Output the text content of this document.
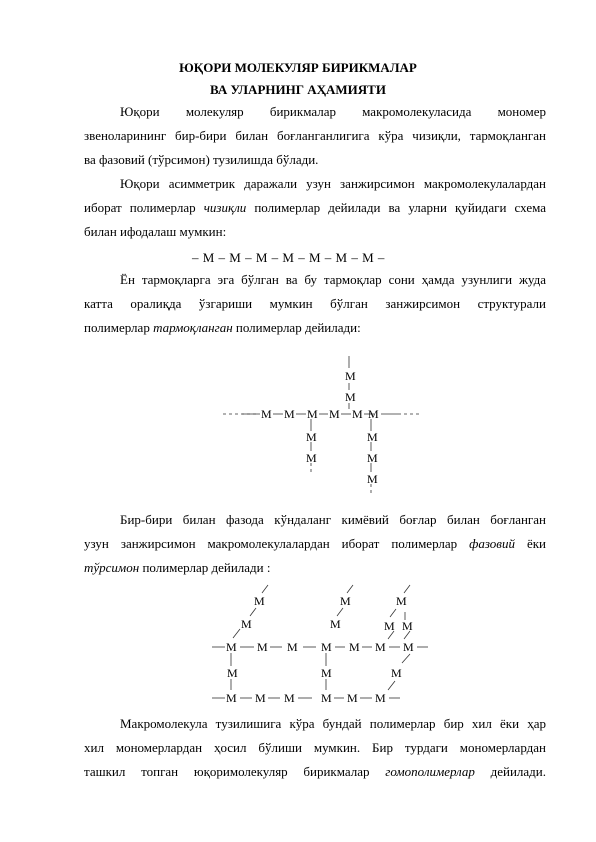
ЮҚОРИ МОЛЕКУЛЯР БИРИКМАЛАР
ВА УЛАРНИНГ АҲАМИЯТИ

Юқори молекуляр бирикмалар макромолекуласида мономер

звеноларининг бир-бири билан боғланганлигига кўра чизиқли, тармоқланган

ва фазовий (тўрсимон) тузилишда бўлади.

Юқори асимметрик даражали узун занжирсимон макромолекулалардан

иборат полимерлар чизиқли полимерлар дейилади ва уларни қуйидаги схема

билан ифодалаш мумкин:

– M – M – M – M – M – M – M –

Ён тармоқларга эга бўлган ва бу тармоқлар сони ҳамда узунлиги жуда

катта оралиқда ўзгариши мумкин бўлган занжирсимон структурали

полимерлар тармоқланган полимерлар дейилади:

M
M
M M M M M M
M	M
M	M
M

Бир-бири билан фазода кўндаланг кимёвий боғлар билан боғланган

узун занжирсимон макромолекулалардан иборат полимерлар фазовий ёки

тўрсимон полимерлар дейилади :

M
M
M M M M M M M
M	M	M
M M M M M M
M
M
M
M M

Макромолекула тузилишига кўра бундай полимерлар бир хил ёки ҳар

хил мономерлардан ҳосил бўлиши мумкин. Бир турдаги мономерлардан

ташкил топган юқоримолекуляр бирикмалар гомополимерлар дейилади.
